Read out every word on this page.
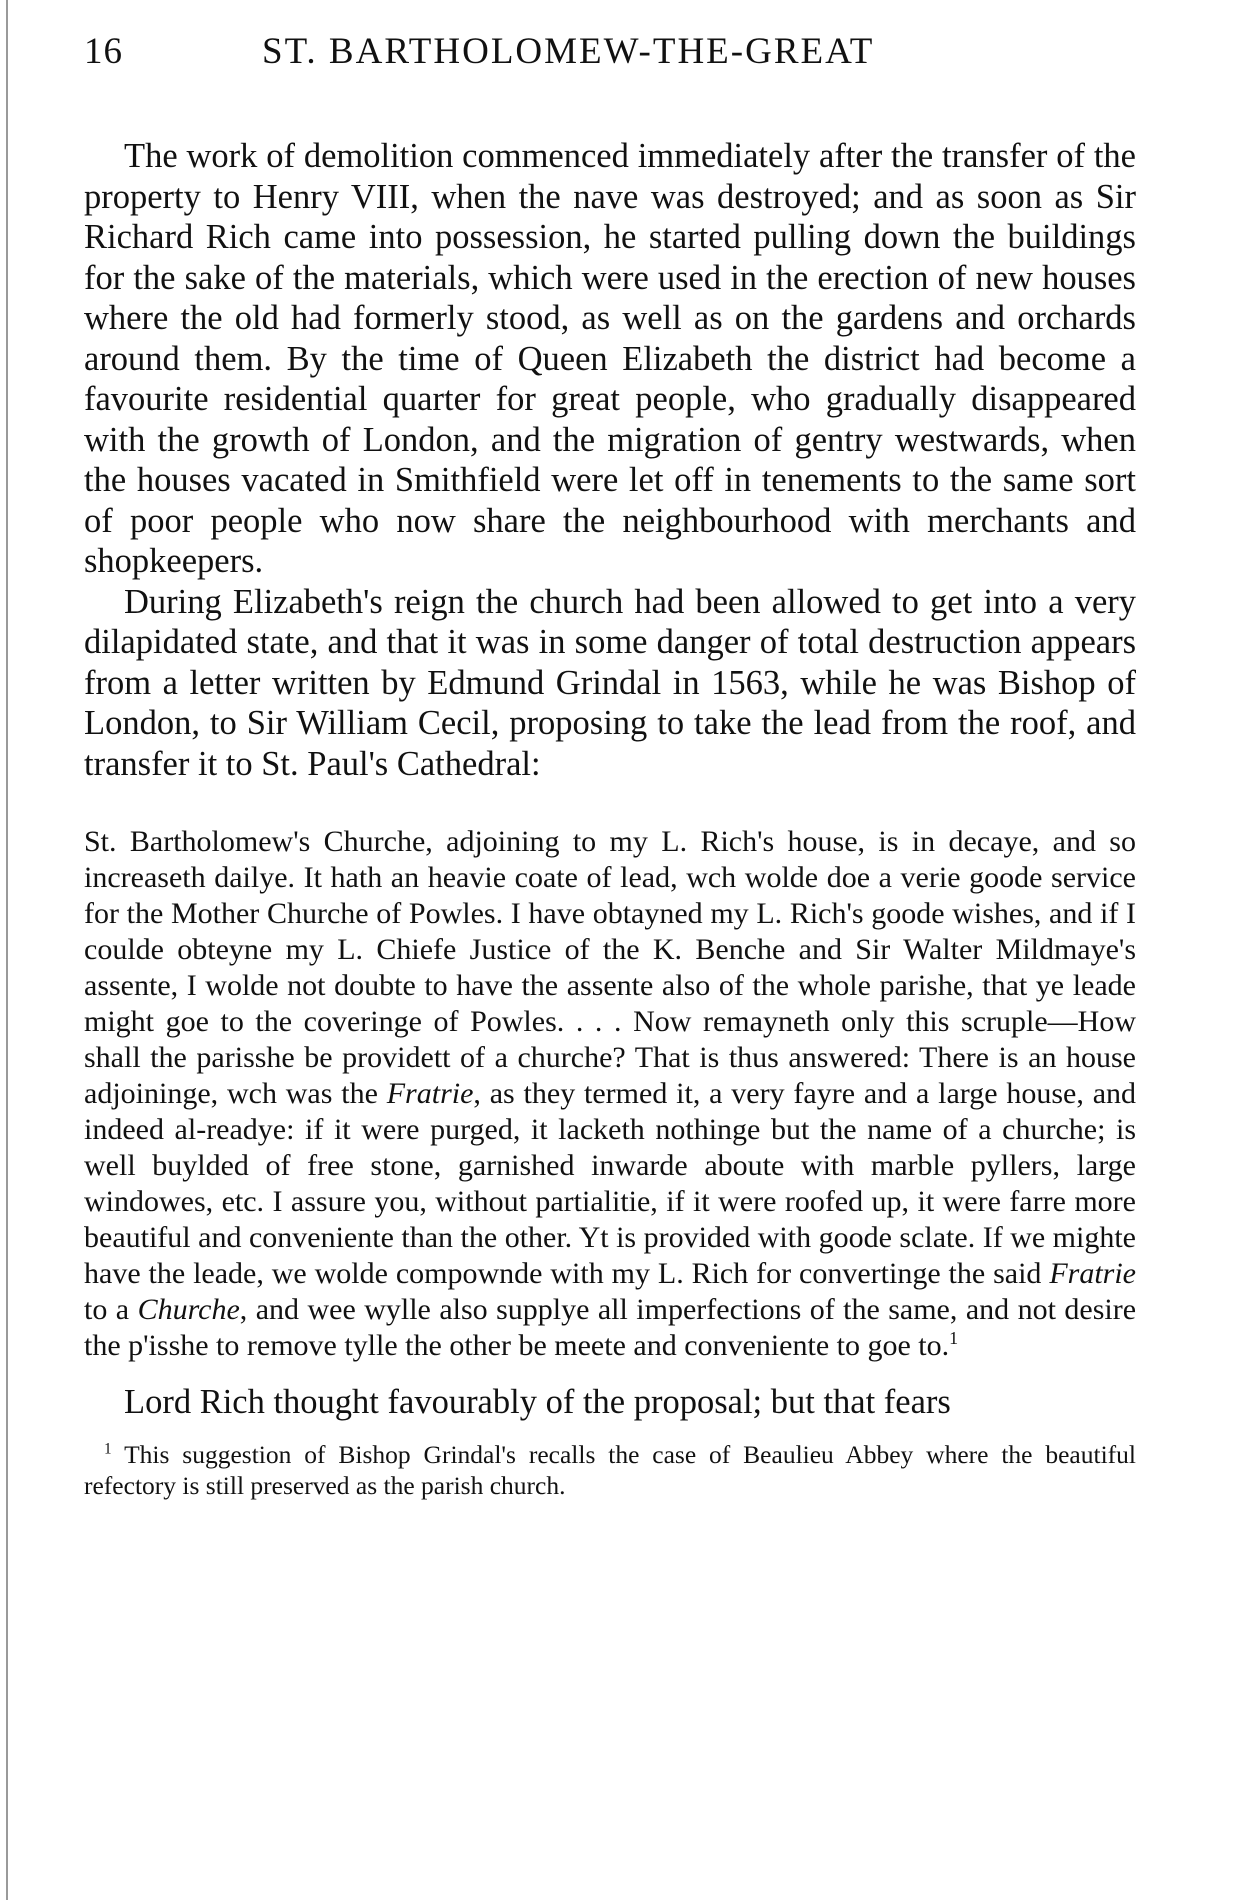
16	ST. BARTHOLOMEW-THE-GREAT

The work of demolition commenced immediately after the transfer of the property to Henry VIII, when the nave was destroyed; and as soon as Sir Richard Rich came into possession, he started pulling down the buildings for the sake of the materials, which were used in the erection of new houses where the old had formerly stood, as well as on the gardens and orchards around them. By the time of Queen Elizabeth the district had become a favourite residential quarter for great people, who gradually disappeared with the growth of London, and the migration of gentry westwards, when the houses vacated in Smithfield were let off in tenements to the same sort of poor people who now share the neighbourhood with merchants and shopkeepers.

During Elizabeth's reign the church had been allowed to get into a very dilapidated state, and that it was in some danger of total destruction appears from a letter written by Edmund Grindal in 1563, while he was Bishop of London, to Sir William Cecil, proposing to take the lead from the roof, and transfer it to St. Paul's Cathedral:

St. Bartholomew's Churche, adjoining to my L. Rich's house, is in decaye, and so increaseth dailye. It hath an heavie coate of lead, wch wolde doe a verie goode service for the Mother Churche of Powles. I have obtayned my L. Rich's goode wishes, and if I coulde obteyne my L. Chiefe Justice of the K. Benche and Sir Walter Mildmaye's assente, I wolde not doubte to have the assente also of the whole parishe, that ye leade might goe to the coveringe of Powles. . . . Now remayneth only this scruple—How shall the parisshe be providett of a churche? That is thus answered: There is an house adjoininge, wch was the Fratrie, as they termed it, a very fayre and a large house, and indeed al-readye: if it were purged, it lacketh nothinge but the name of a churche; is well buylded of free stone, garnished inwarde aboute with marble pyllers, large windowes, etc. I assure you, without partialitie, if it were roofed up, it were farre more beautiful and conveniente than the other. Yt is provided with goode sclate. If we mighte have the leade, we wolde compownde with my L. Rich for convertinge the said Fratrie to a Churche, and wee wylle also supplye all imperfections of the same, and not desire the p'isshe to remove tylle the other be meete and conveniente to goe to.$^1$

Lord Rich thought favourably of the proposal; but that fears

$^1$ This suggestion of Bishop Grindal's recalls the case of Beaulieu Abbey where the beautiful refectory is still preserved as the parish church.
